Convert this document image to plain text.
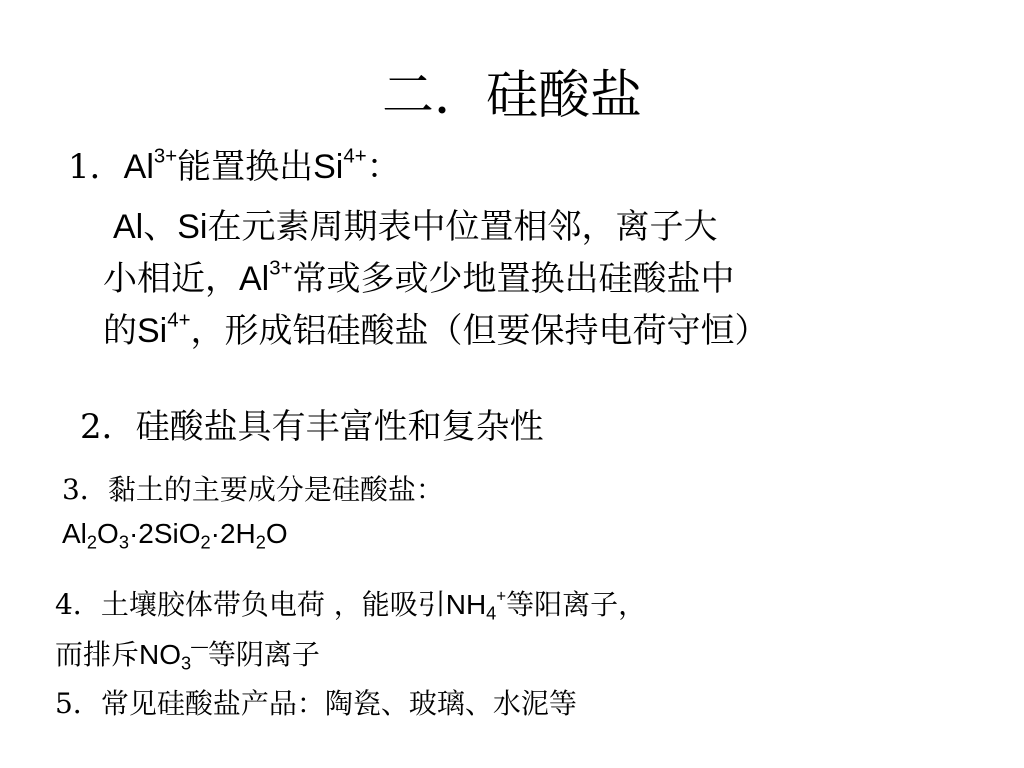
二．硅酸盐
1．$Al^{3+}$能置换出$Si^{4+}$：
Al、Si在元素周期表中位置相邻，离子大
小相近，$Al^{3+}$常或多或少地置换出硅酸盐中
的$Si^{4+}$，形成铝硅酸盐（但要保持电荷守恒）
2．硅酸盐具有丰富性和复杂性
3．黏土的主要成分是硅酸盐：
$Al_2O_3\cdot 2SiO_2\cdot 2H_2O$
4．土壤胶体带负电荷 ，能吸引$NH_4^+$等阳离子，
而排斥$NO_3^—$等阴离子
5．常见硅酸盐产品：陶瓷、玻璃、水泥等
